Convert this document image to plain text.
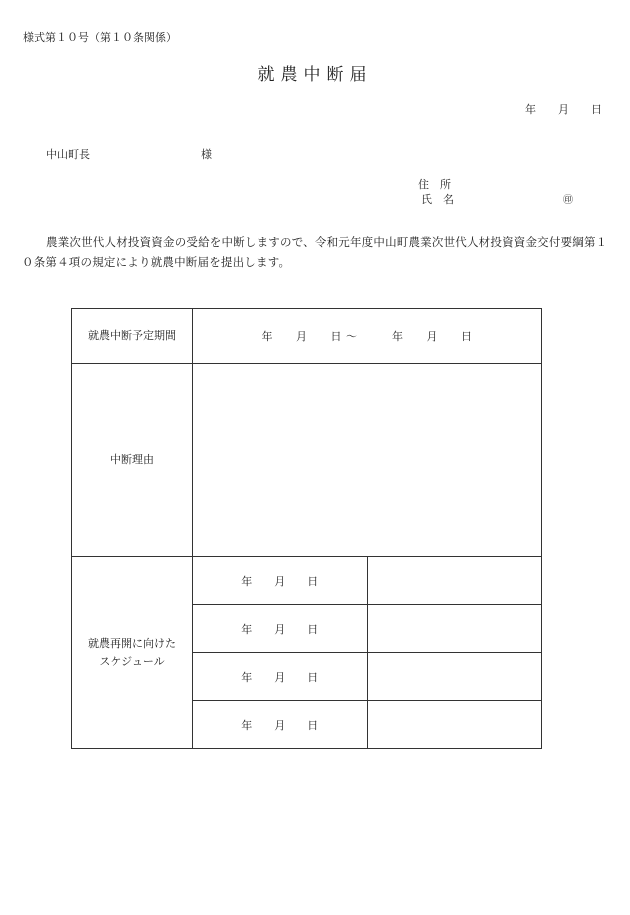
様式第１０号（第１０条関係）
就農中断届
年　　月　　日
中山町長	様
住　所
氏　名	㊞
農業次世代人材投資資金の受給を中断しますので、令和元年度中山町農業次世代人材投資資金交付要綱第１０条第４項の規定により就農中断届を提出します。
就農中断予定期間	年　　月　　日 ～　　　年　　月　　日	
中断理由		
就農再開に向けた
スケジュール	年　　月　　日	
	年　　月　　日	
	年　　月　　日	
	年　　月　　日	
